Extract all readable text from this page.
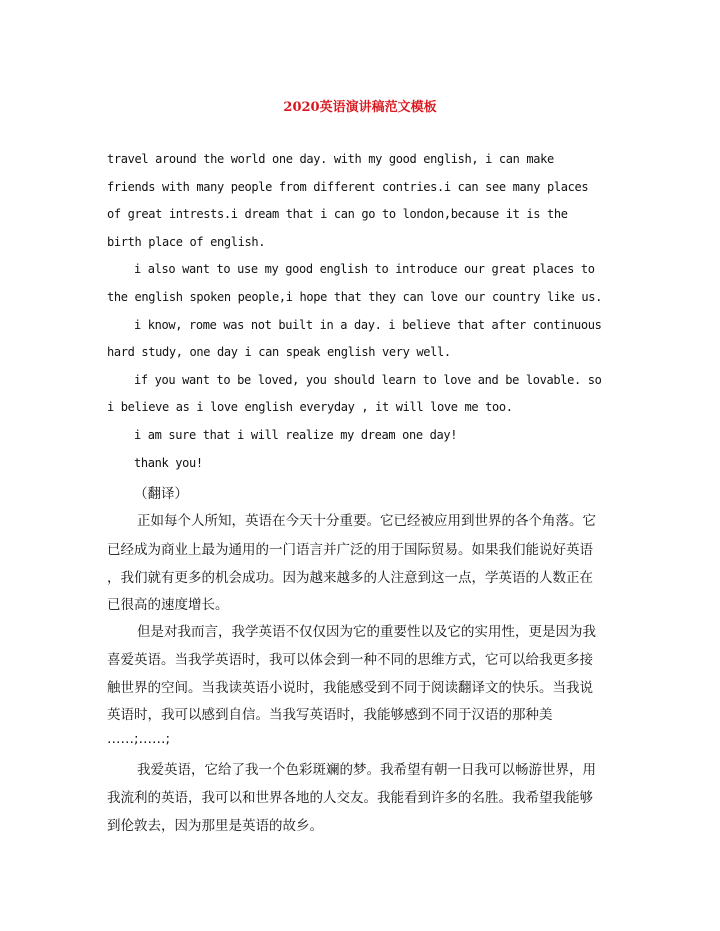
2020英语演讲稿范文模板

travel around the world one day. with my good english, i can make

friends with many people from different contries.i can see many places

of great intrests.i dream that i can go to london,because it is the

birth place of english.

i also want to use my good english to introduce our great places to

the english spoken people,i hope that they can love our country like us.

i know, rome was not built in a day. i believe that after continuous

hard study, one day i can speak english very well.

if you want to be loved, you should learn to love and be lovable. so

i believe as i love english everyday , it will love me too.

i am sure that i will realize my dream one day!

thank you!

（翻译）

正如每个人所知，英语在今天十分重要。它已经被应用到世界的各个角落。它

已经成为商业上最为通用的一门语言并广泛的用于国际贸易。如果我们能说好英语

，我们就有更多的机会成功。因为越来越多的人注意到这一点，学英语的人数正在

已很高的速度增长。

但是对我而言，我学英语不仅仅因为它的重要性以及它的实用性，更是因为我

喜爱英语。当我学英语时，我可以体会到一种不同的思维方式，它可以给我更多接

触世界的空间。当我读英语小说时，我能感受到不同于阅读翻译文的快乐。当我说

英语时，我可以感到自信。当我写英语时，我能够感到不同于汉语的那种美

……;……;

我爱英语，它给了我一个色彩斑斓的梦。我希望有朝一日我可以畅游世界，用

我流利的英语，我可以和世界各地的人交友。我能看到许多的名胜。我希望我能够

到伦敦去，因为那里是英语的故乡。
